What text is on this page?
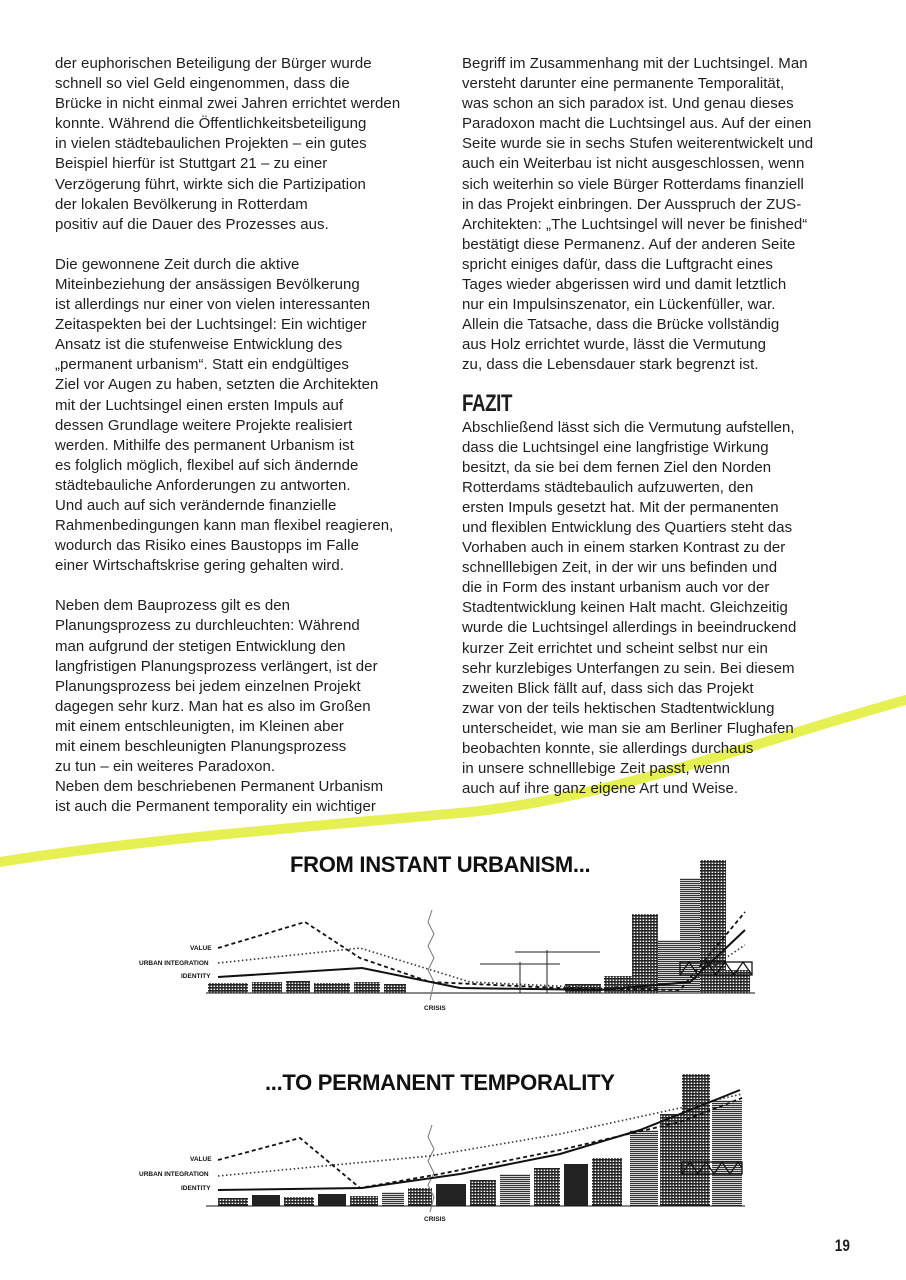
der euphorischen Beteiligung der Bürger wurde
schnell so viel Geld eingenommen, dass die
Brücke in nicht einmal zwei Jahren errichtet werden
konnte. Während die Öffentlichkeitsbeteiligung
in vielen städtebaulichen Projekten – ein gutes
Beispiel hierfür ist Stuttgart 21 – zu einer
Verzögerung führt, wirkte sich die Partizipation
der lokalen Bevölkerung in Rotterdam
positiv auf die Dauer des Prozesses aus.
Die gewonnene Zeit durch die aktive
Miteinbeziehung der ansässigen Bevölkerung
ist allerdings nur einer von vielen interessanten
Zeitaspekten bei der Luchtsingel: Ein wichtiger
Ansatz ist die stufenweise Entwicklung des
„permanent urbanism“. Statt ein endgültiges
Ziel vor Augen zu haben, setzten die Architekten
mit der Luchtsingel einen ersten Impuls auf
dessen Grundlage weitere Projekte realisiert
werden. Mithilfe des permanent Urbanism ist
es folglich möglich, flexibel auf sich ändernde
städtebauliche Anforderungen zu antworten.
Und auch auf sich verändernde finanzielle
Rahmenbedingungen kann man flexibel reagieren,
wodurch das Risiko eines Baustopps im Falle
einer Wirtschaftskrise gering gehalten wird.
Neben dem Bauprozess gilt es den
Planungsprozess zu durchleuchten: Während
man aufgrund der stetigen Entwicklung den
langfristigen Planungsprozess verlängert, ist der
Planungsprozess bei jedem einzelnen Projekt
dagegen sehr kurz. Man hat es also im Großen
mit einem entschleunigten, im Kleinen aber
mit einem beschleunigten Planungsprozess
zu tun – ein weiteres Paradoxon.
Neben dem beschriebenen Permanent Urbanism
ist auch die Permanent temporality ein wichtiger
Begriff im Zusammenhang mit der Luchtsingel. Man
versteht darunter eine permanente Temporalität,
was schon an sich paradox ist. Und genau dieses
Paradoxon macht die Luchtsingel aus. Auf der einen
Seite wurde sie in sechs Stufen weiterentwickelt und
auch ein Weiterbau ist nicht ausgeschlossen, wenn
sich weiterhin so viele Bürger Rotterdams finanziell
in das Projekt einbringen. Der Ausspruch der ZUS-
Architekten: „The Luchtsingel will never be finished“
bestätigt diese Permanenz. Auf der anderen Seite
spricht einiges dafür, dass die Luftgracht eines
Tages wieder abgerissen wird und damit letztlich
nur ein Impulsinszenator, ein Lückenfüller, war.
Allein die Tatsache, dass die Brücke vollständig
aus Holz errichtet wurde, lässt die Vermutung
zu, dass die Lebensdauer stark begrenzt ist.
FAZIT
Abschließend lässt sich die Vermutung aufstellen,
dass die Luchtsingel eine langfristige Wirkung
besitzt, da sie bei dem fernen Ziel den Norden
Rotterdams städtebaulich aufzuwerten, den
ersten Impuls gesetzt hat. Mit der permanenten
und flexiblen Entwicklung des Quartiers steht das
Vorhaben auch in einem starken Kontrast zu der
schnelllebigen Zeit, in der wir uns befinden und
die in Form des instant urbanism auch vor der
Stadtentwicklung keinen Halt macht. Gleichzeitig
wurde die Luchtsingel allerdings in beeindruckend
kurzer Zeit errichtet und scheint selbst nur ein
sehr kurzlebiges Unterfangen zu sein. Bei diesem
zweiten Blick fällt auf, dass sich das Projekt
zwar von der teils hektischen Stadtentwicklung
unterscheidet, wie man sie am Berliner Flughafen
beobachten konnte, sie allerdings durchaus
in unsere schnelllebige Zeit passt, wenn
auch auf ihre ganz eigene Art und Weise.
FROM INSTANT URBANISM...
VALUE
URBAN INTEGRATION
IDENTITY
CRISIS
...TO PERMANENT TEMPORALITY
VALUE
URBAN INTEGRATION
IDENTITY
CRISIS
19
